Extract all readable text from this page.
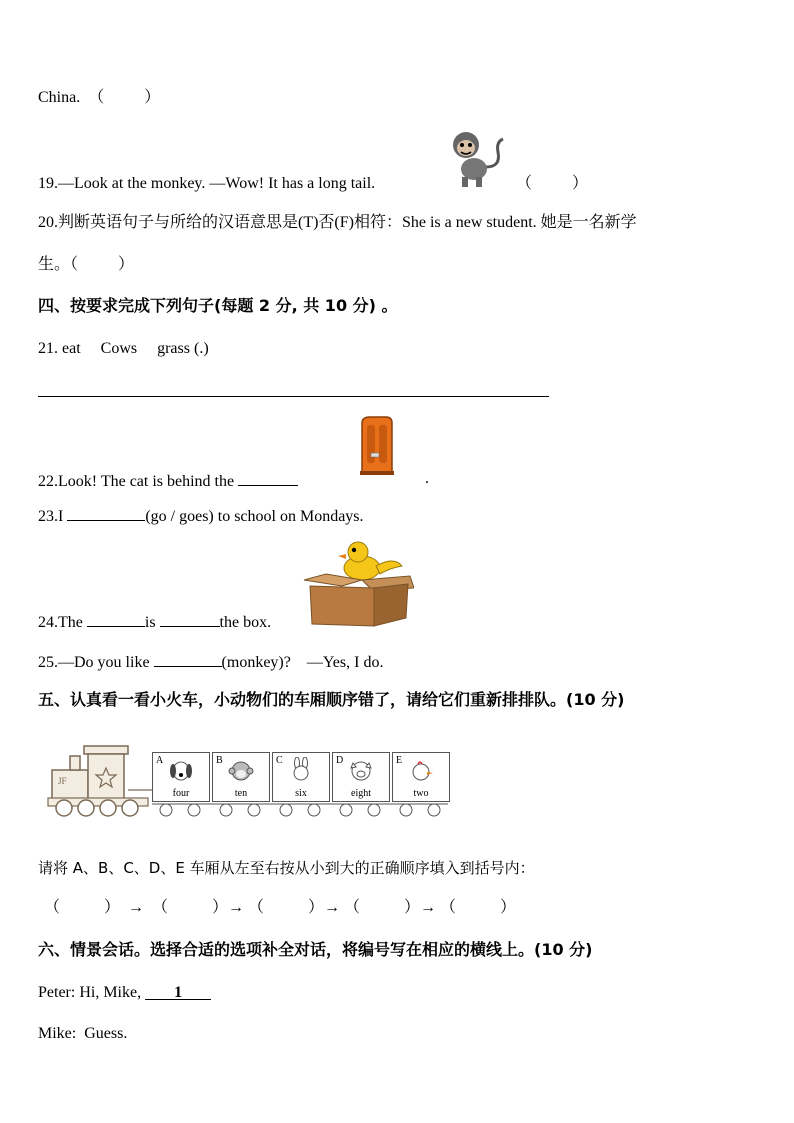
China.  （          ）
19.—Look at the monkey. —Wow! It has a long tail.	（          ）
20.判断英语句子与所给的汉语意思是(T)否(F)相符：She is a new student. 她是一名新学
生。（          ）
四、按要求完成下列句子(每题 2 分, 共 10 分) 。
21. eat     Cows     grass (.)
22.Look! The cat is behind the	.
23.I	(go / goes) to school on Mondays.
24.The	is	the box.
25.—Do you like	(monkey)?    —Yes, I do.
五、认真看一看小火车，小动物们的车厢顺序错了，请给它们重新排排队。(10 分)
JF
A
four
B
ten
C
six
D
eight
E
two
请将 A、B、C、D、E 车厢从左至右按从小到大的正确顺序填入到括号内：
（           ）  →  （           ）→ （           ）→ （           ）→ （           ）
六、情景会话。选择合适的选项补全对话，将编号写在相应的横线上。(10 分)
Peter: Hi, Mike, 1
Mike:  Guess.
